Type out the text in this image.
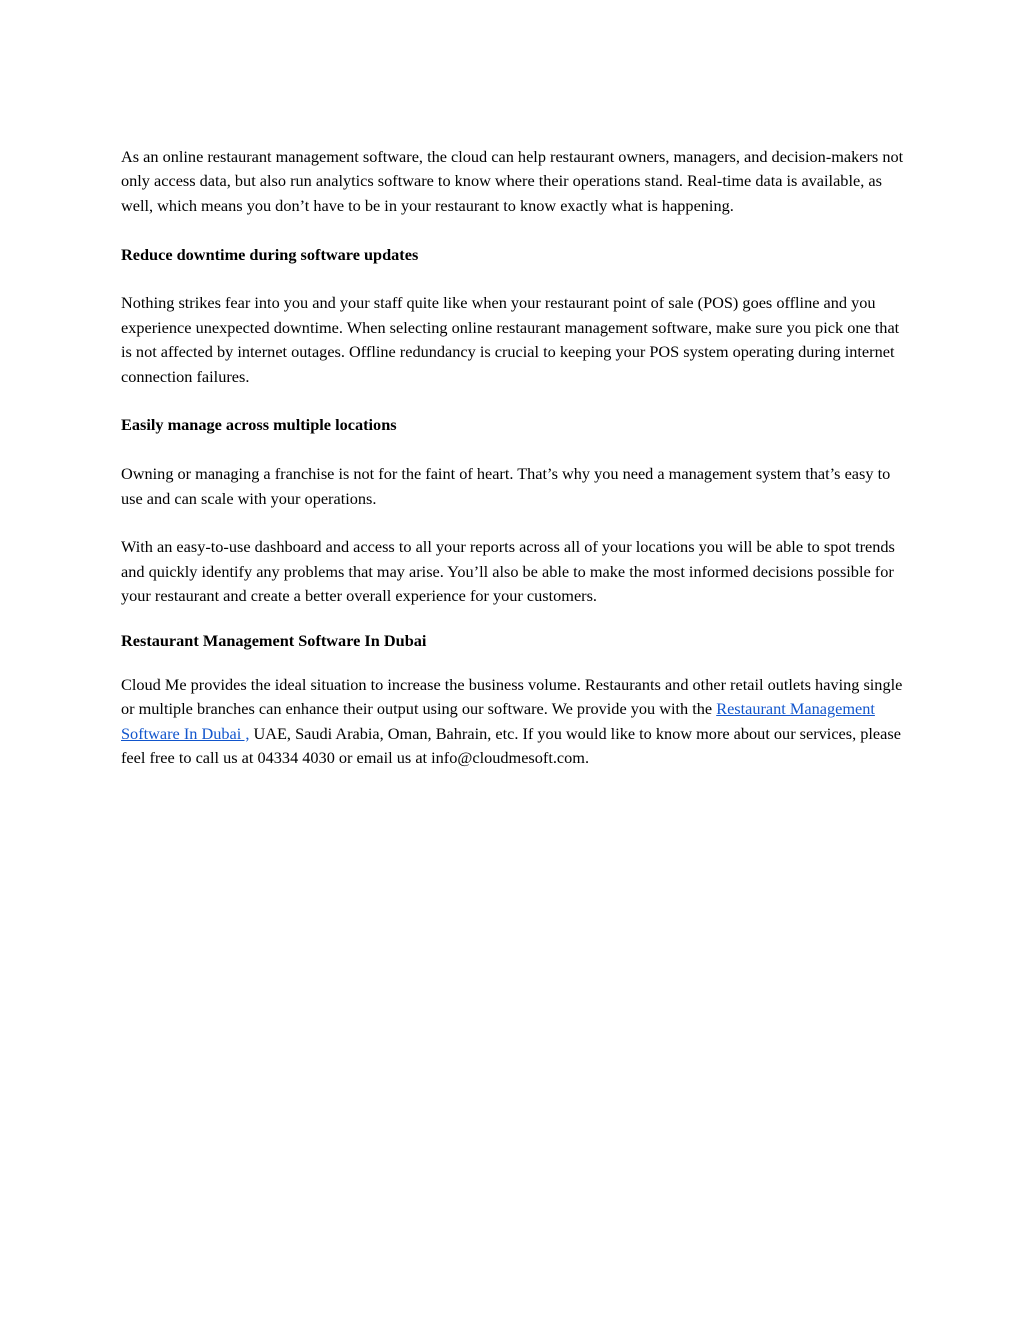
As an online restaurant management software, the cloud can help restaurant owners, managers, and decision-makers not only access data, but also run analytics software to know where their operations stand. Real-time data is available, as well, which means you don’t have to be in your restaurant to know exactly what is happening.

Reduce downtime during software updates

Nothing strikes fear into you and your staff quite like when your restaurant point of sale (POS) goes offline and you experience unexpected downtime. When selecting online restaurant management software, make sure you pick one that is not affected by internet outages. Offline redundancy is crucial to keeping your POS system operating during internet connection failures.

Easily manage across multiple locations

Owning or managing a franchise is not for the faint of heart. That’s why you need a management system that’s easy to use and can scale with your operations.

With an easy-to-use dashboard and access to all your reports across all of your locations you will be able to spot trends and quickly identify any problems that may arise. You’ll also be able to make the most informed decisions possible for your restaurant and create a better overall experience for your customers.

Restaurant Management Software In Dubai

Cloud Me provides the ideal situation to increase the business volume. Restaurants and other retail outlets having single or multiple branches can enhance their output using our software. We provide you with the Restaurant Management Software In Dubai , UAE, Saudi Arabia, Oman, Bahrain, etc. If you would like to know more about our services, please feel free to call us at 04334 4030 or email us at info@cloudmesoft.com.
